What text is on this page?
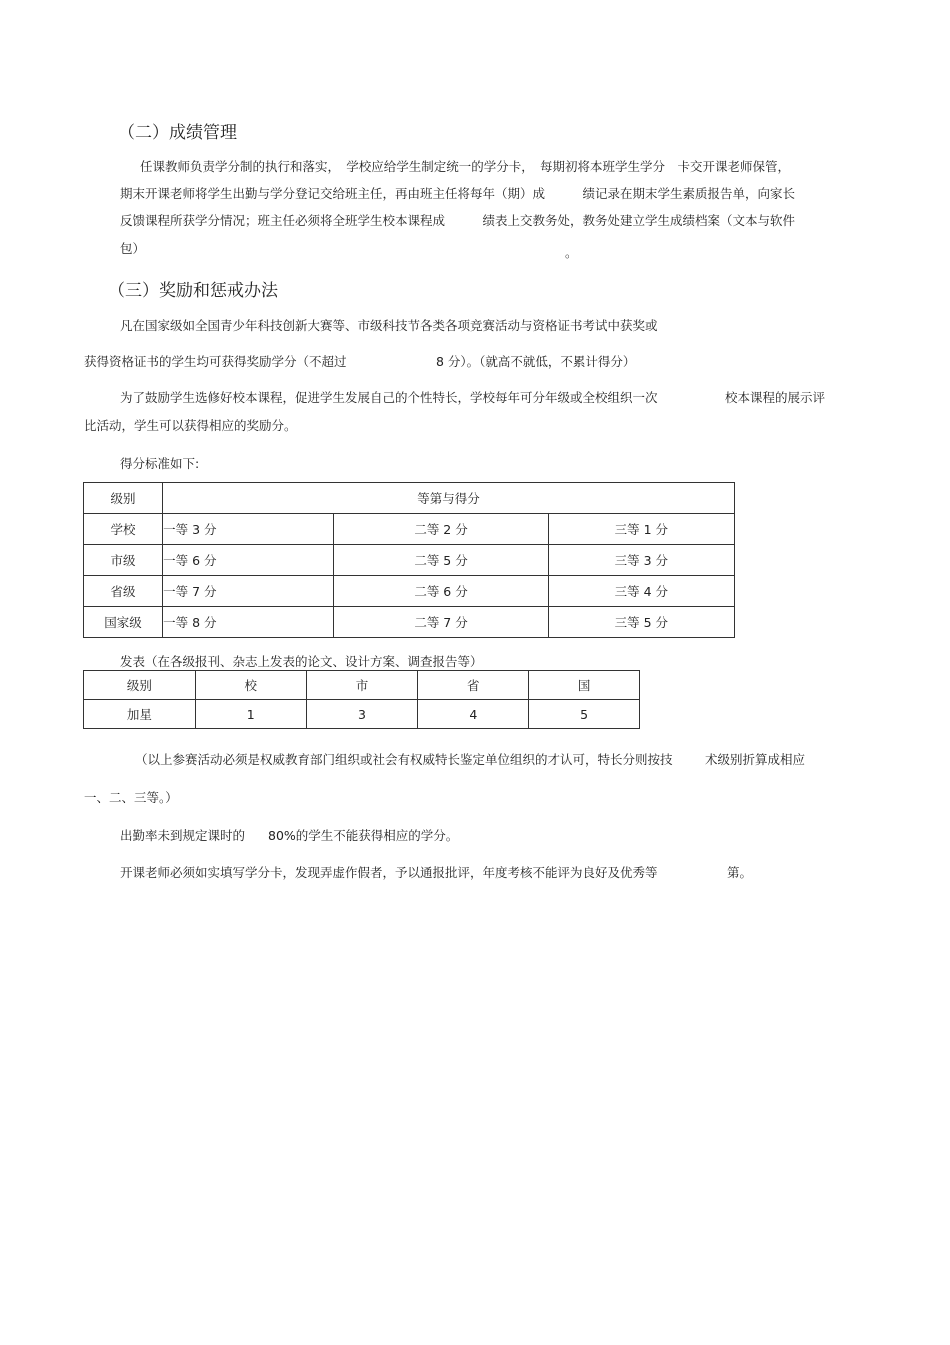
（二）成绩管理
任课教师负责学分制的执行和落实，　学校应给学生制定统一的学分卡，　每期初将本班学生学分　卡交开课老师保管，
期末开课老师将学生出勤与学分登记交给班主任，再由班主任将每年（期）成　　　绩记录在期末学生素质报告单，向家长
反馈课程所获学分情况；班主任必须将全班学生校本课程成　　　绩表上交教务处，教务处建立学生成绩档案（文本与软件
包）	。
（三）奖励和惩戒办法
凡在国家级如全国青少年科技创新大赛等、市级科技节各类各项竞赛活动与资格证书考试中获奖或
获得资格证书的学生均可获得奖励学分（不超过	8 分）。（就高不就低，不累计得分）
为了鼓励学生选修好校本课程，促进学生发展自己的个性特长，学校每年可分年级或全校组织一次	校本课程的展示评
比活动，学生可以获得相应的奖励分。
得分标准如下:
级别	等第与得分		
学校	一等 3 分	二等 2 分	三等 1 分
市级	一等 6 分	二等 5 分	三等 3 分
省级	一等 7 分	二等 6 分	三等 4 分
国家级	一等 8 分	二等 7 分	三等 5 分
发表（在各级报刊、杂志上发表的论文、设计方案、调查报告等）
级别	校	市	省	国
加星	1	3	4	5
（以上参赛活动必须是权威教育部门组织或社会有权威特长鉴定单位组织的才认可，特长分则按技	术级别折算成相应
一、二、三等。）
出勤率未到规定课时的 80%的学生不能获得相应的学分。
开课老师必须如实填写学分卡，发现弄虚作假者，予以通报批评，年度考核不能评为良好及优秀等	第。
